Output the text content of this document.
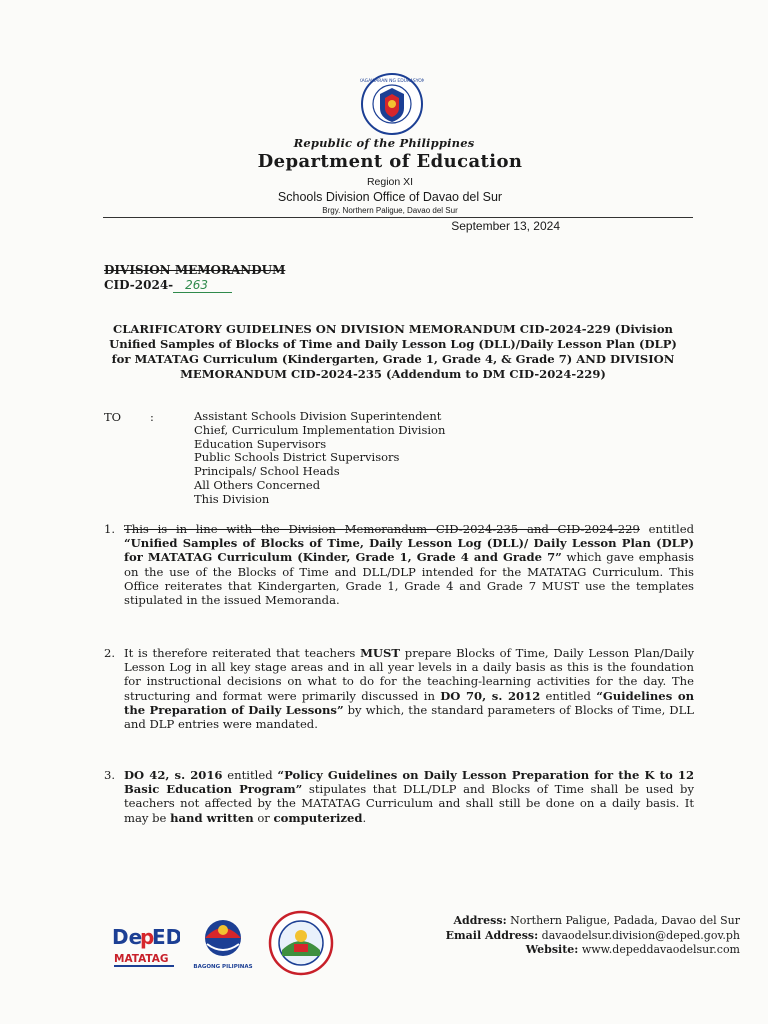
KAGAWARAN NG EDUKASYON
Republic of the Philippines
Department of Education
Region XI
Schools Division Office of Davao del Sur
Brgy. Northern Paligue, Davao del Sur
September 13, 2024
DIVISION MEMORANDUM
CID-2024- 263
CLARIFICATORY GUIDELINES ON DIVISION MEMORANDUM CID-2024-229 (Division Unified Samples of Blocks of Time and Daily Lesson Log (DLL)/Daily Lesson Plan (DLP) for MATATAG Curriculum (Kindergarten, Grade 1, Grade 4, & Grade 7) AND DIVISION MEMORANDUM CID-2024-235 (Addendum to DM CID-2024-229)
TO	:	Assistant Schools Division Superintendent
Chief, Curriculum Implementation Division
Education Supervisors
Public Schools District Supervisors
Principals/ School Heads
All Others Concerned
This Division
1. This is in line with the Division Memorandum CID-2024-235 and CID-2024-229 entitled “Unified Samples of Blocks of Time, Daily Lesson Log (DLL)/ Daily Lesson Plan (DLP) for MATATAG Curriculum (Kinder, Grade 1, Grade 4 and Grade 7” which gave emphasis on the use of the Blocks of Time and DLL/DLP intended for the MATATAG Curriculum. This Office reiterates that Kindergarten, Grade 1, Grade 4 and Grade 7 MUST use the templates stipulated in the issued Memoranda.
2. It is therefore reiterated that teachers MUST prepare Blocks of Time, Daily Lesson Plan/Daily Lesson Log in all key stage areas and in all year levels in a daily basis as this is the foundation for instructional decisions on what to do for the teaching-learning activities for the day. The structuring and format were primarily discussed in DO 70, s. 2012 entitled “Guidelines on the Preparation of Daily Lessons” by which, the standard parameters of Blocks of Time, DLL and DLP entries were mandated.
3. DO 42, s. 2016 entitled “Policy Guidelines on Daily Lesson Preparation for the K to 12 Basic Education Program” stipulates that DLL/DLP and Blocks of Time shall be used by teachers not affected by the MATATAG Curriculum and shall still be done on a daily basis. It may be hand written or computerized.
De
p
ED
MATATAG
BAGONG PILIPINAS
Address: Northern Paligue, Padada, Davao del Sur
Email Address: davaodelsur.division@deped.gov.ph
Website: www.depeddavaodelsur.com
